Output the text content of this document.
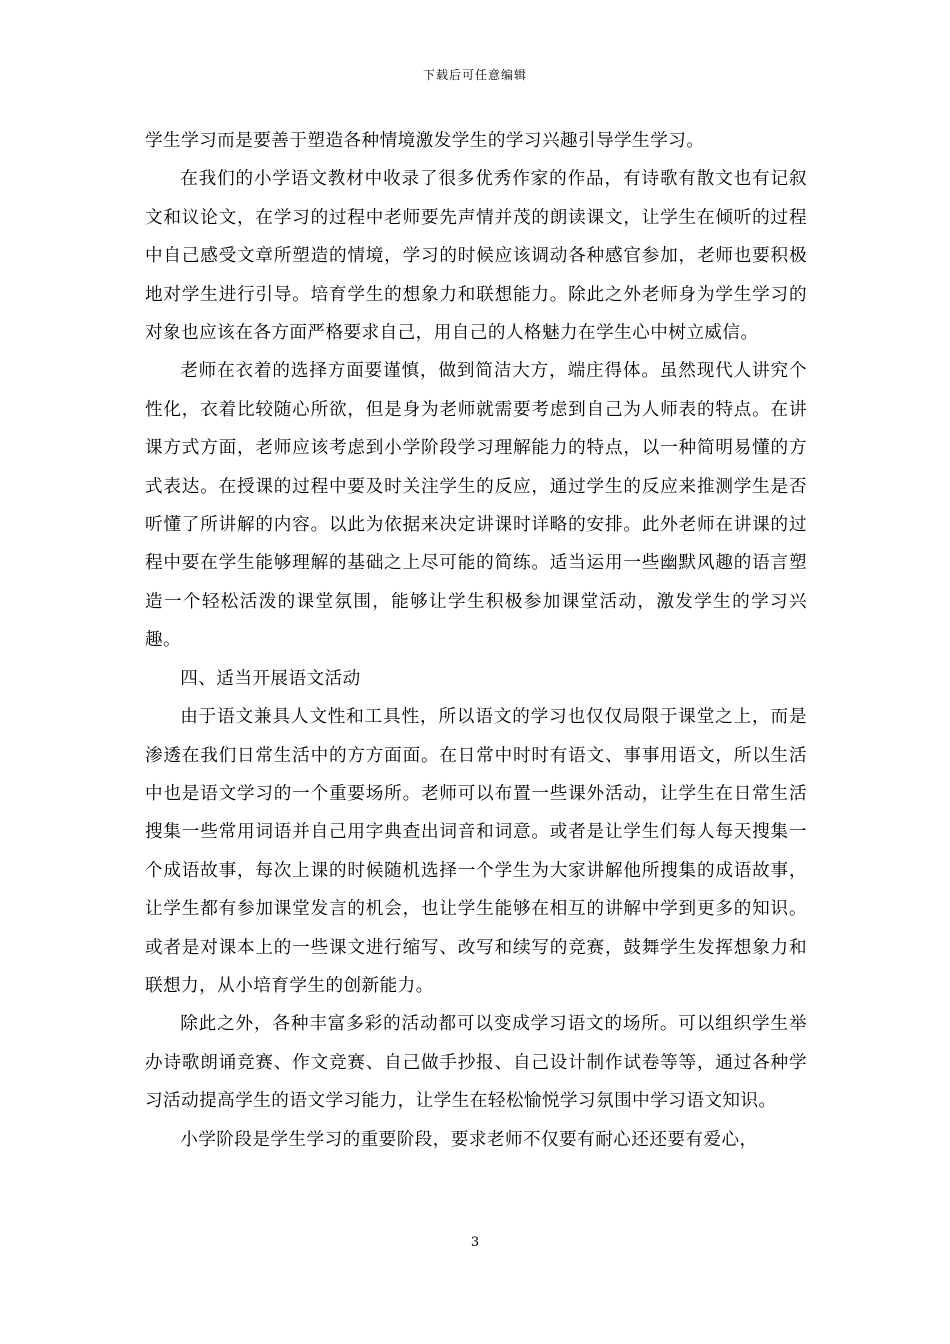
下载后可任意编辑

学生学习而是要善于塑造各种情境激发学生的学习兴趣引导学生学习。

在我们的小学语文教材中收录了很多优秀作家的作品，有诗歌有散文也有记叙文和议论文，在学习的过程中老师要先声情并茂的朗读课文，让学生在倾听的过程中自己感受文章所塑造的情境，学习的时候应该调动各种感官参加，老师也要积极地对学生进行引导。培育学生的想象力和联想能力。除此之外老师身为学生学习的对象也应该在各方面严格要求自己，用自己的人格魅力在学生心中树立威信。

老师在衣着的选择方面要谨慎，做到简洁大方，端庄得体。虽然现代人讲究个性化，衣着比较随心所欲，但是身为老师就需要考虑到自己为人师表的特点。在讲课方式方面，老师应该考虑到小学阶段学习理解能力的特点，以一种简明易懂的方式表达。在授课的过程中要及时关注学生的反应，通过学生的反应来推测学生是否听懂了所讲解的内容。以此为依据来决定讲课时详略的安排。此外老师在讲课的过程中要在学生能够理解的基础之上尽可能的简练。适当运用一些幽默风趣的语言塑造一个轻松活泼的课堂氛围，能够让学生积极参加课堂活动，激发学生的学习兴趣。

四、适当开展语文活动

由于语文兼具人文性和工具性，所以语文的学习也仅仅局限于课堂之上，而是渗透在我们日常生活中的方方面面。在日常中时时有语文、事事用语文，所以生活中也是语文学习的一个重要场所。老师可以布置一些课外活动，让学生在日常生活搜集一些常用词语并自己用字典查出词音和词意。或者是让学生们每人每天搜集一个成语故事，每次上课的时候随机选择一个学生为大家讲解他所搜集的成语故事，让学生都有参加课堂发言的机会，也让学生能够在相互的讲解中学到更多的知识。或者是对课本上的一些课文进行缩写、改写和续写的竞赛，鼓舞学生发挥想象力和联想力，从小培育学生的创新能力。

除此之外，各种丰富多彩的活动都可以变成学习语文的场所。可以组织学生举办诗歌朗诵竞赛、作文竞赛、自己做手抄报、自己设计制作试卷等等，通过各种学习活动提高学生的语文学习能力，让学生在轻松愉悦学习氛围中学习语文知识。

小学阶段是学生学习的重要阶段，要求老师不仅要有耐心还还要有爱心，

3
